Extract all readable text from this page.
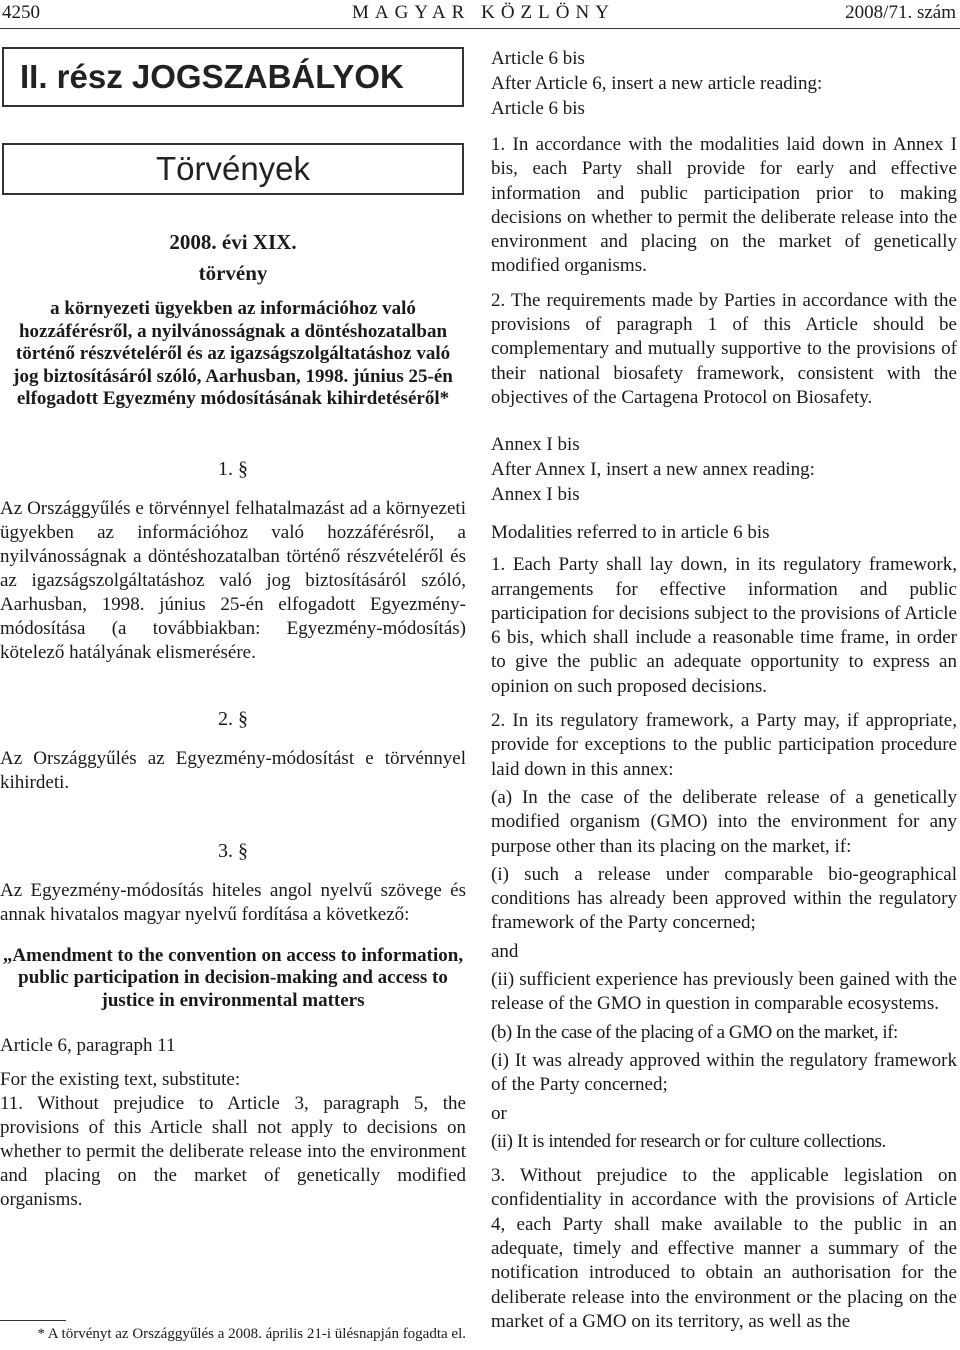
4250	MAGYAR KÖZLÖNY	2008/71. szám
II. rész JOGSZABÁLYOK
Törvények
2008. évi XIX.
törvény
a környezeti ügyekben az információhoz való hozzáférésről, a nyilvánosságnak a döntéshozatalban történő részvételéről és az igazságszolgáltatáshoz való jog biztosításáról szóló, Aarhusban, 1998. június 25-én elfogadott Egyezmény módosításának kihirdetéséről*
1. §

Az Országgyűlés e törvénnyel felhatalmazást ad a környezeti ügyekben az információhoz való hozzáférésről, a nyilvánosságnak a döntéshozatalban történő részvételéről és az igazságszolgáltatáshoz való jog biztosításáról szóló, Aarhusban, 1998. június 25-én elfogadott Egyezmény-módosítása (a továbbiakban: Egyezmény-módosítás) kötelező hatályának elismerésére.

2. §

Az Országgyűlés az Egyezmény-módosítást e törvénnyel kihirdeti.

3. §

Az Egyezmény-módosítás hiteles angol nyelvű szövege és annak hivatalos magyar nyelvű fordítása a következő:

„Amendment to the convention on access to information, public participation in decision-making and access to justice in environmental matters

Article 6, paragraph 11

For the existing text, substitute:

11. Without prejudice to Article 3, paragraph 5, the provisions of this Article shall not apply to decisions on whether to permit the deliberate release into the environment and placing on the market of genetically modified organisms.

* A törvényt az Országgyűlés a 2008. április 21-i ülésnapján fogadta el.
Article 6 bis
After Article 6, insert a new article reading:
Article 6 bis

1. In accordance with the modalities laid down in Annex I bis, each Party shall provide for early and effective information and public participation prior to making decisions on whether to permit the deliberate release into the environment and placing on the market of genetically modified organisms.

2. The requirements made by Parties in accordance with the provisions of paragraph 1 of this Article should be complementary and mutually supportive to the provisions of their national biosafety framework, consistent with the objectives of the Cartagena Protocol on Biosafety.

Annex I bis
After Annex I, insert a new annex reading:
Annex I bis
Modalities referred to in article 6 bis

1. Each Party shall lay down, in its regulatory framework, arrangements for effective information and public participation for decisions subject to the provisions of Article 6 bis, which shall include a reasonable time frame, in order to give the public an adequate opportunity to express an opinion on such proposed decisions.

2. In its regulatory framework, a Party may, if appropriate, provide for exceptions to the public participation procedure laid down in this annex:

(a) In the case of the deliberate release of a genetically modified organism (GMO) into the environment for any purpose other than its placing on the market, if:

(i) such a release under comparable bio-geographical conditions has already been approved within the regulatory framework of the Party concerned;

and

(ii) sufficient experience has previously been gained with the release of the GMO in question in comparable ecosystems.

(b) In the case of the placing of a GMO on the market, if:

(i) It was already approved within the regulatory framework of the Party concerned;

or

(ii) It is intended for research or for culture collections.

3. Without prejudice to the applicable legislation on confidentiality in accordance with the provisions of Article 4, each Party shall make available to the public in an adequate, timely and effective manner a summary of the notification introduced to obtain an authorisation for the deliberate release into the environment or the placing on the market of a GMO on its territory, as well as the
